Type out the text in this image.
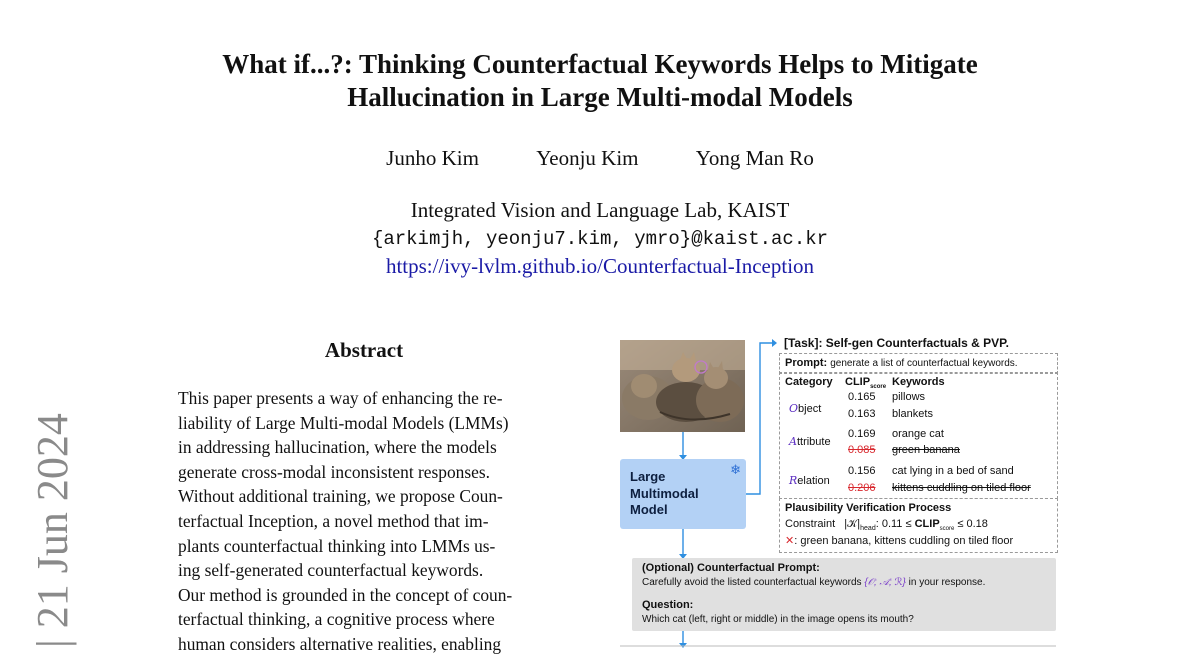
What if...?: Thinking Counterfactual Keywords Helps to Mitigate
Hallucination in Large Multi-modal Models
Junho Kim	Yeonju Kim	Yong Man Ro
Integrated Vision and Language Lab, KAIST
{arkimjh, yeonju7.kim, ymro}@kaist.ac.kr
https://ivy-lvlm.github.io/Counterfactual-Inception
| 21 Jun 2024
Abstract
This paper presents a way of enhancing the re-
liability of Large Multi-modal Models (LMMs)
in addressing hallucination, where the models
generate cross-modal inconsistent responses.
Without additional training, we propose Coun-
terfactual Inception, a novel method that im-
plants counterfactual thinking into LMMs us-
ing self-generated counterfactual keywords.
Our method is grounded in the concept of coun-
terfactual thinking, a cognitive process where
human considers alternative realities, enabling
Large
Multimodal
Model
❄
[Task]: Self-gen Counterfactuals & PVP.
Prompt: generate a list of counterfactual keywords.
Category $CLIP_{score}$ Keywords
Object
0.165 pillows
0.163 blankets
Attribute
0.169 orange cat
0.085 green banana
Relation
0.156 cat lying in a bed of sand
0.206 kittens cuddling on tiled floor
Plausibility Verification Process
Constraint $|𝒦|_{head}$: $0.11 \le CLIP_{score} \le 0.18$
✕: green banana, kittens cuddling on tiled floor
(Optional) Counterfactual Prompt:
Carefully avoid the listed counterfactual keywords {𝒪; 𝒜; ℛ} in your response.
Question:
Which cat (left, right or middle) in the image opens its mouth?
